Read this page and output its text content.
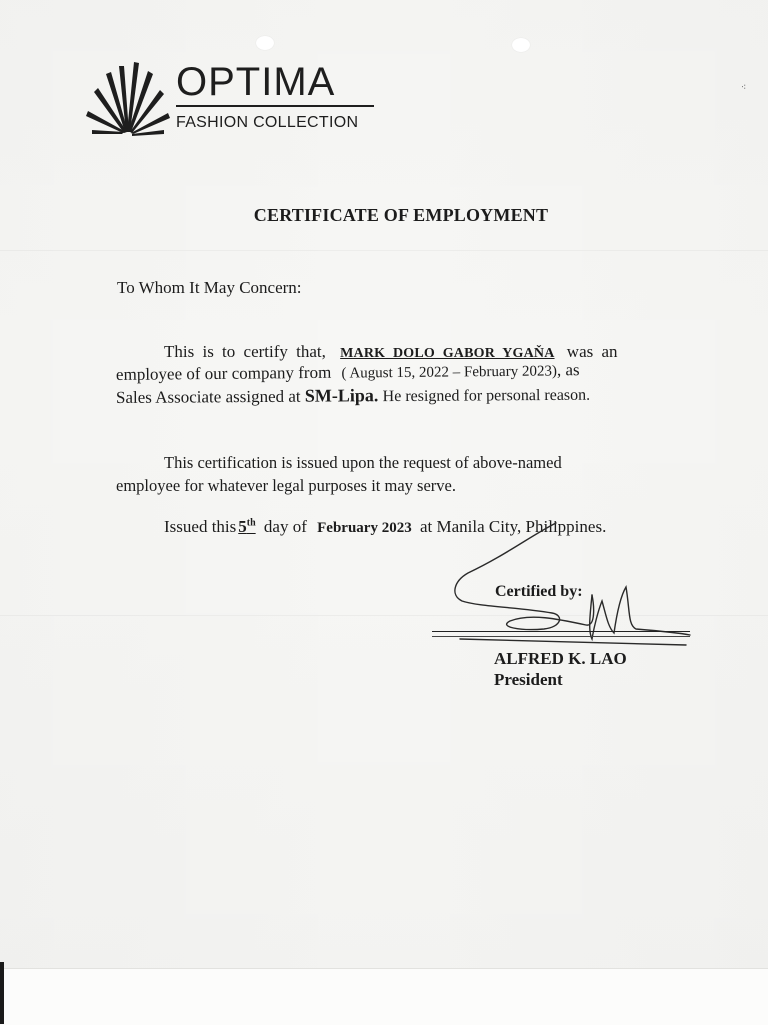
⁖
OPTIMA
FASHION COLLECTION
CERTIFICATE OF EMPLOYMENT
To Whom It May Concern:
This is to certify that, MARK DOLO GABOR YGAŇA was an
employee of our company from ( August 15, 2022 – February 2023), as
Sales Associate assigned at SM-Lipa. He resigned for personal reason.
This certification is issued upon the request of above-named
employee for whatever legal purposes it may serve.
Issued this 5th day of February 2023 at Manila City, Philippines.
Certified by:
ALFRED K. LAO
President
